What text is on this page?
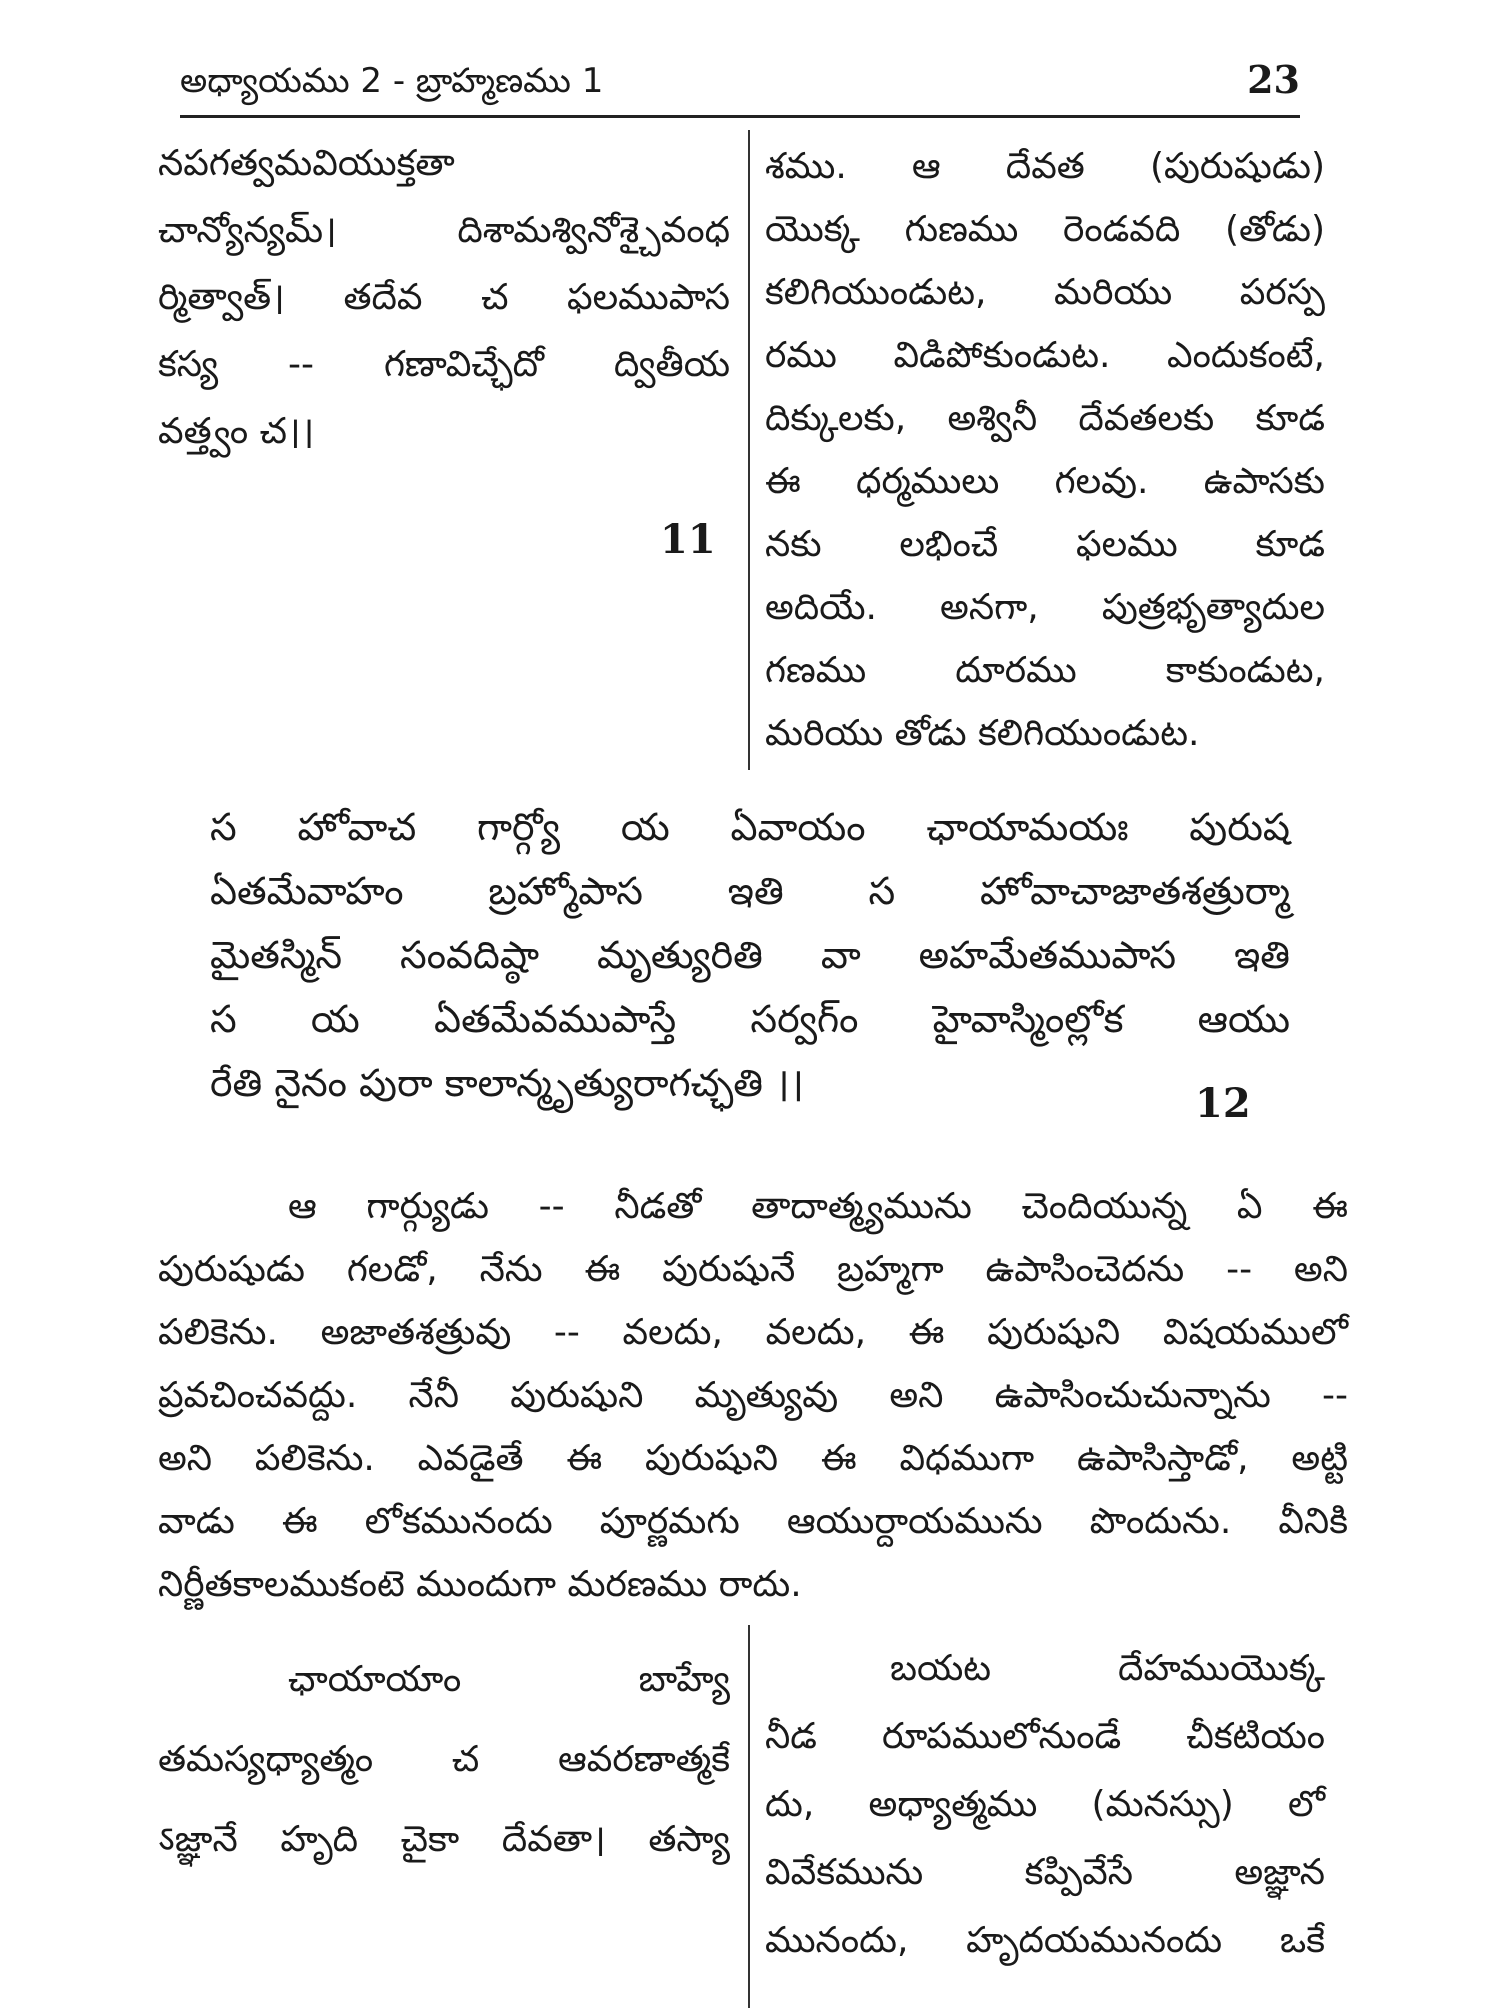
అధ్యాయము 2 - బ్రాహ్మణము 1	23
నపగత్వమవియుక్తతా
చాన్యోన్యమ్। దిశామశ్వినోశ్చైవంధ
ర్మిత్వాత్। తదేవ చ ఫలముపాస
కస్య -- గణావిచ్ఛేదో ద్వితీయ
వత్త్వం చ।।
11
శము. ఆ దేవత (పురుషుడు)
యొక్క గుణము రెండవది (తోడు)
కలిగియుండుట, మరియు పరస్ప
రము విడిపోకుండుట. ఎందుకంటే,
దిక్కులకు, అశ్వినీ దేవతలకు కూడ
ఈ ధర్మములు గలవు. ఉపాసకు
నకు లభించే ఫలము కూడ
అదియే. అనగా, పుత్రభృత్యాదుల
గణము దూరము కాకుండుట,
మరియు తోడు కలిగియుండుట.
స హోవాచ గార్గ్యో య ఏవాయం ఛాయామయః పురుష
ఏతమేవాహం బ్రహ్మోపాస ఇతి స హోవాచాజాతశత్రుర్మా
మైతస్మిన్ సంవదిష్ఠా మృత్యురితి వా అహమేతముపాస ఇతి
స య ఏతమేవముపాస్తే సర్వగ్ం హైవాస్మింల్లోక ఆయు
రేతి నైనం పురా కాలాన్మృత్యురాగచ్ఛతి ।।	12
ఆ గార్గ్యుడు -- నీడతో తాదాత్మ్యమును చెందియున్న ఏ ఈ
పురుషుడు గలడో, నేను ఈ పురుషునే బ్రహ్మగా ఉపాసించెదను -- అని
పలికెను. అజాతశత్రువు -- వలదు, వలదు, ఈ పురుషుని విషయములో
ప్రవచించవద్దు. నేనీ పురుషుని మృత్యువు అని ఉపాసించుచున్నాను --
అని పలికెను. ఎవడైతే ఈ పురుషుని ఈ విధముగా ఉపాసిస్తాడో, అట్టి
వాడు ఈ లోకమునందు పూర్ణమగు ఆయుర్దాయమును పొందును. వీనికి
నిర్ణీతకాలముకంటె ముందుగా మరణము రాదు.
ఛాయాయాం బాహ్యే
తమస్యధ్యాత్మం చ ఆవరణాత్మకే
ऽజ్ఞానే హృది చైకా దేవతా। తస్యా
బయట దేహముయొక్క
నీడ రూపములోనుండే చీకటియం
దు, అధ్యాత్మము (మనస్సు) లో
వివేకమును కప్పివేసే అజ్ఞాన
మునందు, హృదయమునందు ఒకే
